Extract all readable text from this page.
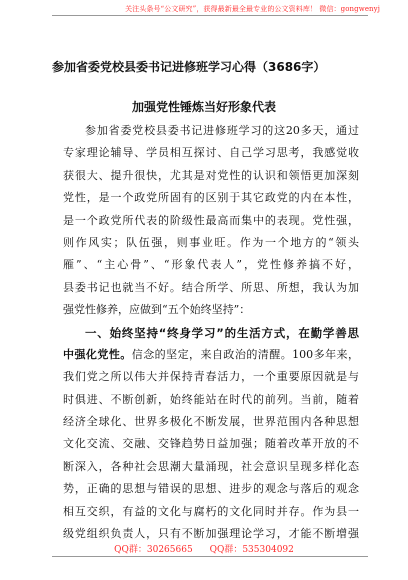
关注头条号“公文研究”，获得最新最全最专业的公文资料库！ 微信：gongwenyj
参加省委党校县委书记进修班学习心得（3686字）
加强党性锤炼当好形象代表
参加省委党校县委书记进修班学习的这20多天，通过
专家理论辅导、学员相互探讨、自己学习思考，我感觉收
获很大、提升很快，尤其是对党性的认识和领悟更加深刻
党性，是一个政党所固有的区别于其它政党的内在本性，
是一个政党所代表的阶级性最高而集中的表现。党性强，
则作风实；队伍强，则事业旺。作为一个地方的“领头
雁”、“主心骨”、“形象代表人”，党性修养搞不好，
县委书记也就当不好。结合所学、所思、所想，我认为加
强党性修养，应做到“五个始终坚持”：
一、始终坚持“终身学习”的生活方式，在勤学善思
中强化党性。信念的坚定，来自政治的清醒。100多年来，
我们党之所以伟大并保持青春活力，一个重要原因就是与
时俱进、不断创新，始终能站在时代的前列。当前，随着
经济全球化、世界多极化不断发展，世界范围内各种思想
文化交流、交融、交锋趋势日益加强；随着改革开放的不
断深入，各种社会思潮大量涌现，社会意识呈现多样化态
势，正确的思想与错误的思想、进步的观念与落后的观念
相互交织，有益的文化与腐朽的文化同时并存。作为县一
级党组织负责人，只有不断加强理论学习，才能不断增强
QQ群：30265665 QQ群：535304092
